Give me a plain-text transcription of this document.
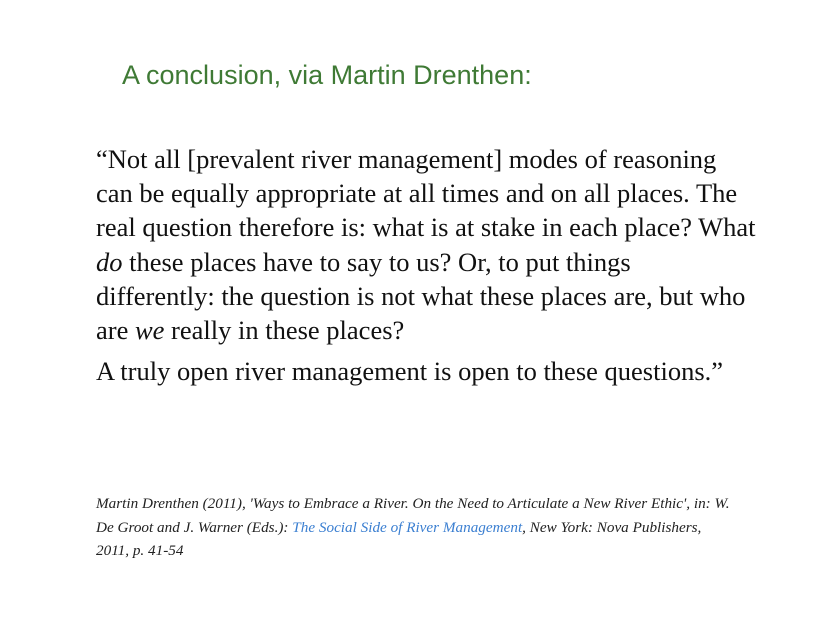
A conclusion, via Martin Drenthen:

“Not all [prevalent river management] modes of reasoning can be equally appropriate at all times and on all places. The real question therefore is: what is at stake in each place? What do these places have to say to us? Or, to put things differently: the question is not what these places are, but who are we really in these places?

A truly open river management is open to these questions.”

Martin Drenthen (2011), 'Ways to Embrace a River. On the Need to Articulate a New River Ethic', in: W. De Groot and J. Warner (Eds.): The Social Side of River Management, New York: Nova Publishers, 2011, p. 41-54
